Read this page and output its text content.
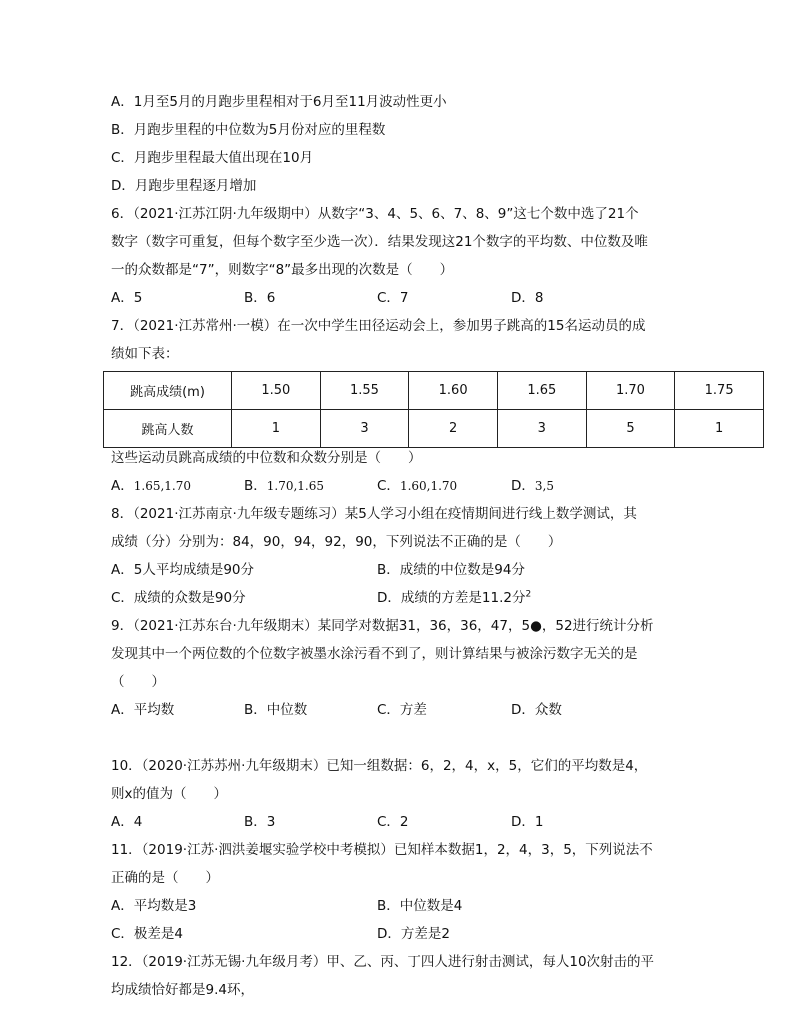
A．1月至5月的月跑步里程相对于6月至11月波动性更小
B．月跑步里程的中位数为5月份对应的里程数
C．月跑步里程最大值出现在10月
D．月跑步里程逐月增加
6．（2021·江苏江阴·九年级期中）从数字“3、4、5、6、7、8、9”这七个数中选了21个
数字（数字可重复，但每个数字至少选一次）．结果发现这21个数字的平均数、中位数及唯
一的众数都是“7”，则数字“8”最多出现的次数是（　　）
A．5	B．6	C．7	D．8
7．（2021·江苏常州·一模）在一次中学生田径运动会上，参加男子跳高的15名运动员的成
绩如下表：
跳高成绩(m)	1.50	1.55	1.60	1.65	1.70	1.75
跳高人数	1	3	2	3	5	1
这些运动员跳高成绩的中位数和众数分别是（　　）
A．1.65,1.70	B．1.70,1.65	C．1.60,1.70	D．3,5
8．（2021·江苏南京·九年级专题练习）某5人学习小组在疫情期间进行线上数学测试，其
成绩（分）分别为：84，90，94，92，90，下列说法不正确的是（　　）
A．5人平均成绩是90分	B．成绩的中位数是94分
C．成绩的众数是90分	D．成绩的方差是11.2分$^2$
9．（2021·江苏东台·九年级期末）某同学对数据31，36，36，47，5●，52进行统计分析
发现其中一个两位数的个位数字被墨水涂污看不到了，则计算结果与被涂污数字无关的是
（　　）
A．平均数	B．中位数	C．方差	D．众数
10．（2020·江苏苏州·九年级期末）已知一组数据：6，2，4，x，5，它们的平均数是4，
则x的值为（　　）
A．4	B．3	C．2	D．1
11．（2019·江苏·泗洪姜堰实验学校中考模拟）已知样本数据1，2，4，3，5，下列说法不
正确的是（　　）
A．平均数是3	B．中位数是4
C．极差是4	D．方差是2
12．（2019·江苏无锡·九年级月考）甲、乙、丙、丁四人进行射击测试，每人10次射击的平
均成绩恰好都是9.4环，
